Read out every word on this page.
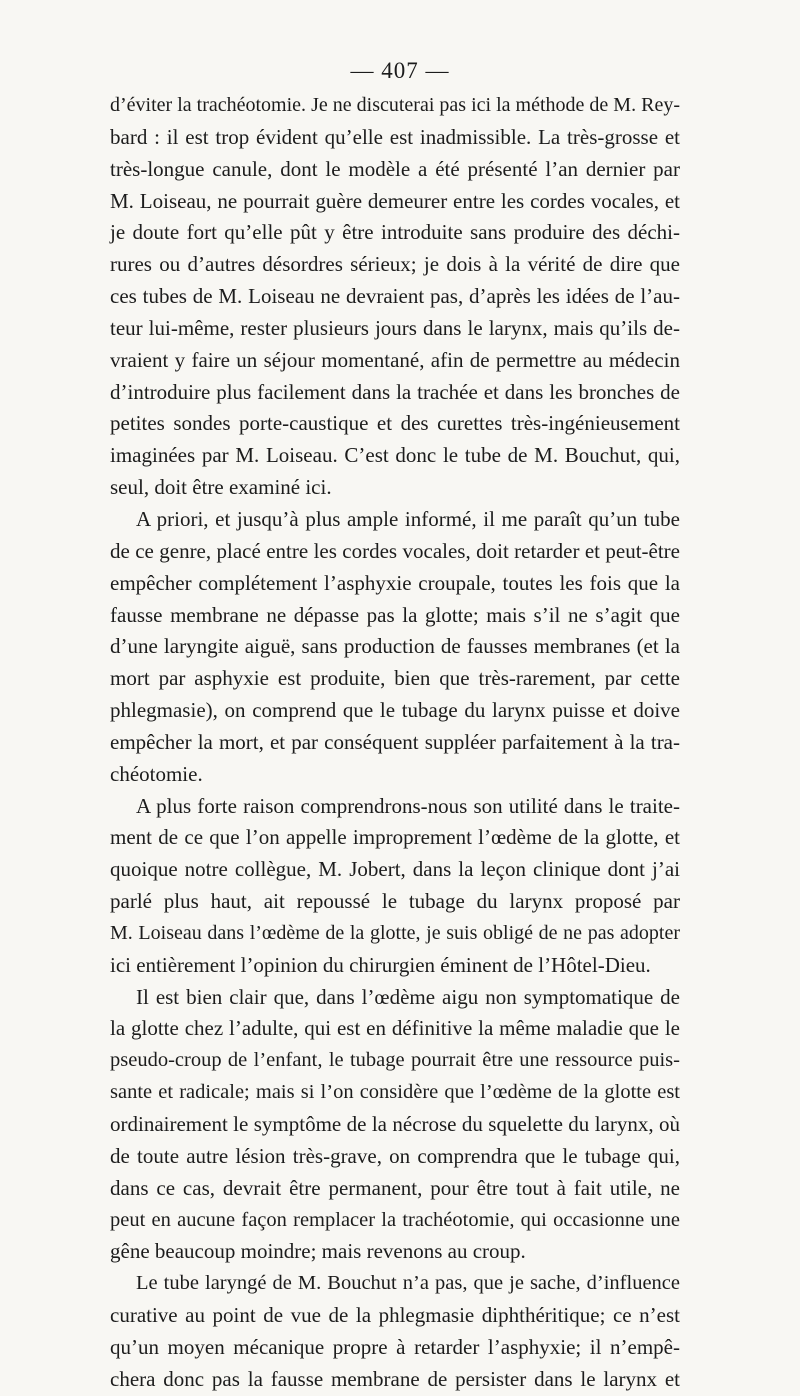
— 407 —
d’éviter la trachéotomie. Je ne discuterai pas ici la méthode de M. Rey-
bard : il est trop évident qu’elle est inadmissible. La très-grosse et
très-longue canule, dont le modèle a été présenté l’an dernier par
M. Loiseau, ne pourrait guère demeurer entre les cordes vocales, et
je doute fort qu’elle pût y être introduite sans produire des déchi-
rures ou d’autres désordres sérieux; je dois à la vérité de dire que
ces tubes de M. Loiseau ne devraient pas, d’après les idées de l’au-
teur lui-même, rester plusieurs jours dans le larynx, mais qu’ils de-
vraient y faire un séjour momentané, afin de permettre au médecin
d’introduire plus facilement dans la trachée et dans les bronches de
petites sondes porte-caustique et des curettes très-ingénieusement
imaginées par M. Loiseau. C’est donc le tube de M. Bouchut, qui,
seul, doit être examiné ici.
A priori, et jusqu’à plus ample informé, il me paraît qu’un tube
de ce genre, placé entre les cordes vocales, doit retarder et peut-être
empêcher complétement l’asphyxie croupale, toutes les fois que la
fausse membrane ne dépasse pas la glotte; mais s’il ne s’agit que
d’une laryngite aiguë, sans production de fausses membranes (et la
mort par asphyxie est produite, bien que très-rarement, par cette
phlegmasie), on comprend que le tubage du larynx puisse et doive
empêcher la mort, et par conséquent suppléer parfaitement à la tra-
chéotomie.
A plus forte raison comprendrons-nous son utilité dans le traite-
ment de ce que l’on appelle improprement l’œdème de la glotte, et
quoique notre collègue, M. Jobert, dans la leçon clinique dont j’ai
parlé plus haut, ait repoussé le tubage du larynx proposé par
M. Loiseau dans l’œdème de la glotte, je suis obligé de ne pas adopter
ici entièrement l’opinion du chirurgien éminent de l’Hôtel-Dieu.
Il est bien clair que, dans l’œdème aigu non symptomatique de
la glotte chez l’adulte, qui est en définitive la même maladie que le
pseudo-croup de l’enfant, le tubage pourrait être une ressource puis-
sante et radicale; mais si l’on considère que l’œdème de la glotte est
ordinairement le symptôme de la nécrose du squelette du larynx, où
de toute autre lésion très-grave, on comprendra que le tubage qui,
dans ce cas, devrait être permanent, pour être tout à fait utile, ne
peut en aucune façon remplacer la trachéotomie, qui occasionne une
gêne beaucoup moindre; mais revenons au croup.
Le tube laryngé de M. Bouchut n’a pas, que je sache, d’influence
curative au point de vue de la phlegmasie diphthéritique; ce n’est
qu’un moyen mécanique propre à retarder l’asphyxie; il n’empê-
chera donc pas la fausse membrane de persister dans le larynx et
